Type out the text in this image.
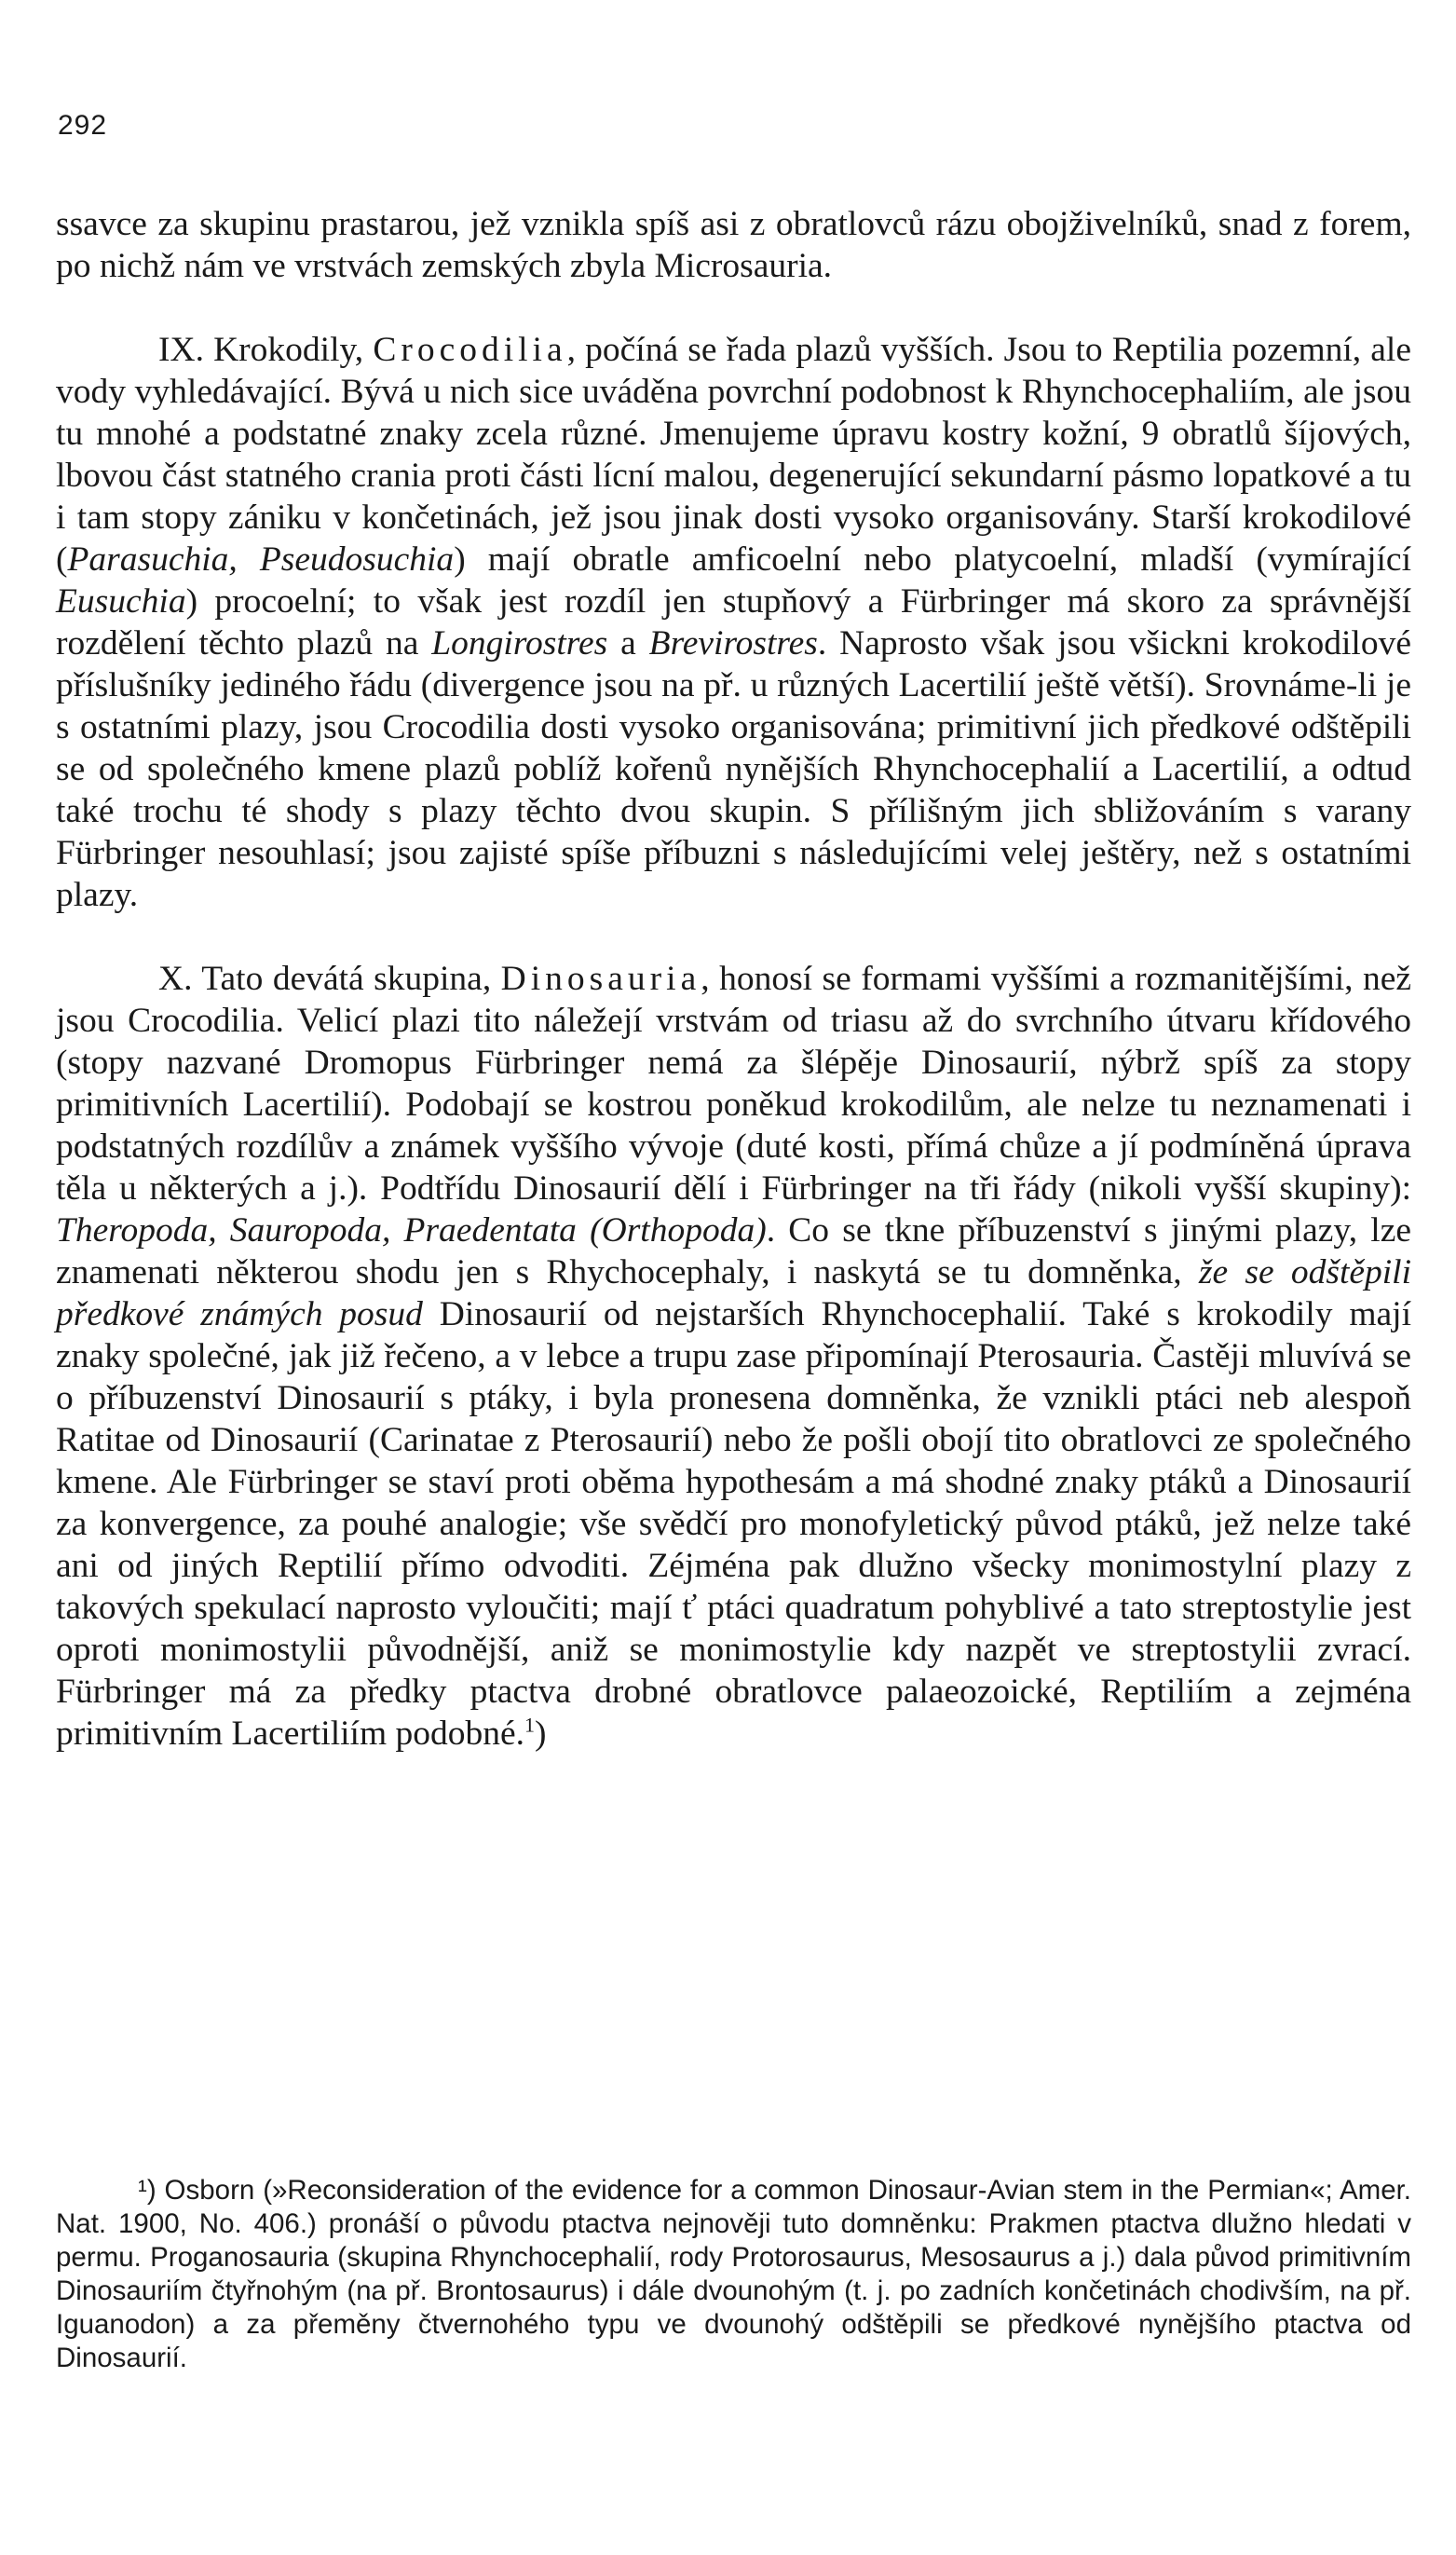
292

ssavce za skupinu prastarou, jež vznikla spíš asi z obratlovců rázu obojživelníků, snad z forem, po nichž nám ve vrstvách zemských zbyla Microsauria.

IX. Krokodily, Crocodilia, počíná se řada plazů vyšších. Jsou to Reptilia pozemní, ale vody vyhledávající. Bývá u nich sice uváděna povrchní podobnost k Rhynchocephaliím, ale jsou tu mnohé a podstatné znaky zcela různé. Jmenujeme úpravu kostry kožní, 9 obratlů šíjových, lbovou část statného crania proti části lícní malou, degenerující sekundarní pásmo lopatkové a tu i tam stopy zániku v končetinách, jež jsou jinak dosti vysoko organisovány. Starší krokodilové (Parasuchia, Pseudosuchia) mají obratle amficoelní nebo platycoelní, mladší (vymírající Eusuchia) procoelní; to však jest rozdíl jen stupňový a Fürbringer má skoro za správnější rozdělení těchto plazů na Longirostres a Brevirostres. Naprosto však jsou všickni krokodilové příslušníky jediného řádu (divergence jsou na př. u různých Lacertilií ještě větší). Srovnáme-li je s ostatními plazy, jsou Crocodilia dosti vysoko organisována; primitivní jich předkové odštěpili se od společného kmene plazů poblíž kořenů nynějších Rhynchocephalií a Lacertilií, a odtud také trochu té shody s plazy těchto dvou skupin. S přílišným jich sbližováním s varany Fürbringer nesouhlasí; jsou zajisté spíše příbuzni s následujícími velej ještěry, než s ostatními plazy.

X. Tato devátá skupina, Dinosauria, honosí se formami vyššími a rozmanitějšími, než jsou Crocodilia. Velicí plazi tito náležejí vrstvám od triasu až do svrchního útvaru křídového (stopy nazvané Dromopus Fürbringer nemá za šlépěje Dinosaurií, nýbrž spíš za stopy primitivních Lacertilií). Podobají se kostrou poněkud krokodilům, ale nelze tu neznamenati i podstatných rozdílův a známek vyššího vývoje (duté kosti, přímá chůze a jí podmíněná úprava těla u některých a j.). Podtřídu Dinosaurií dělí i Fürbringer na tři řády (nikoli vyšší skupiny): Theropoda, Sauropoda, Praedentata (Orthopoda). Co se tkne příbuzenství s jinými plazy, lze znamenati některou shodu jen s Rhychocephaly, i naskytá se tu domněnka, že se odštěpili předkové známých posud Dinosaurií od nejstarších Rhynchocephalií. Také s krokodily mají znaky společné, jak již řečeno, a v lebce a trupu zase připomínají Pterosauria. Častěji mluvívá se o příbuzenství Dinosaurií s ptáky, i byla pronesena domněnka, že vznikli ptáci neb alespoň Ratitae od Dinosaurií (Carinatae z Pterosaurií) nebo že pošli obojí tito obratlovci ze společného kmene. Ale Fürbringer se staví proti oběma hypothesám a má shodné znaky ptáků a Dinosaurií za konvergence, za pouhé analogie; vše svědčí pro monofyletický původ ptáků, jež nelze také ani od jiných Reptilií přímo odvoditi. Zéjména pak dlužno všecky monimostylní plazy z takových spekulací naprosto vyloučiti; mají ť ptáci quadratum pohyblivé a tato streptostylie jest oproti monimostylii původnější, aniž se monimostylie kdy nazpět ve streptostylii zvrací. Fürbringer má za předky ptactva drobné obratlovce palaeozoické, Reptiliím a zejména primitivním Lacertiliím podobné.$^1$)

¹) Osborn (»Reconsideration of the evidence for a common Dinosaur-Avian stem in the Permian«; Amer. Nat. 1900, No. 406.) pronáší o původu ptactva nejnověji tuto domněnku: Prakmen ptactva dlužno hledati v permu. Proganosauria (skupina Rhynchocephalií, rody Protorosaurus, Mesosaurus a j.) dala původ primitivním Dinosauriím čtyřnohým (na př. Brontosaurus) i dále dvounohým (t. j. po zadních končetinách chodivším, na př. Iguanodon) a za přeměny čtvernohého typu ve dvounohý odštěpili se předkové nynějšího ptactva od Dinosaurií.
